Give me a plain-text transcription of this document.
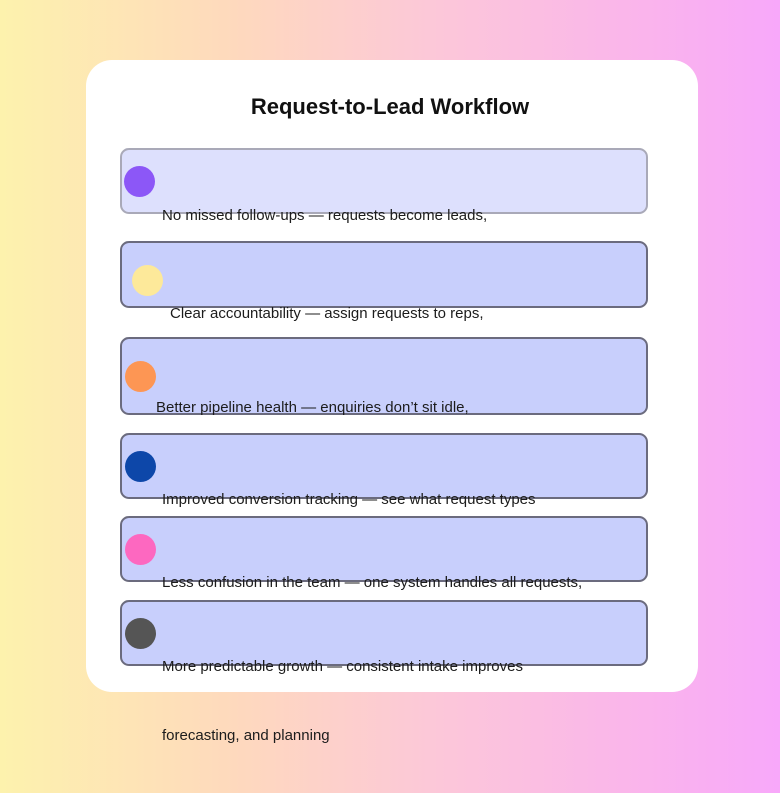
Request-to-Lead Workflow

No missed follow-ups — requests become leads,

Clear accountability — assign requests to reps,

Better pipeline health — enquiries don’t sit idle,

Improved conversion tracking — see what request types

Less confusion in the team — one system handles all requests,

More predictable growth — consistent intake improves

forecasting, and planning
